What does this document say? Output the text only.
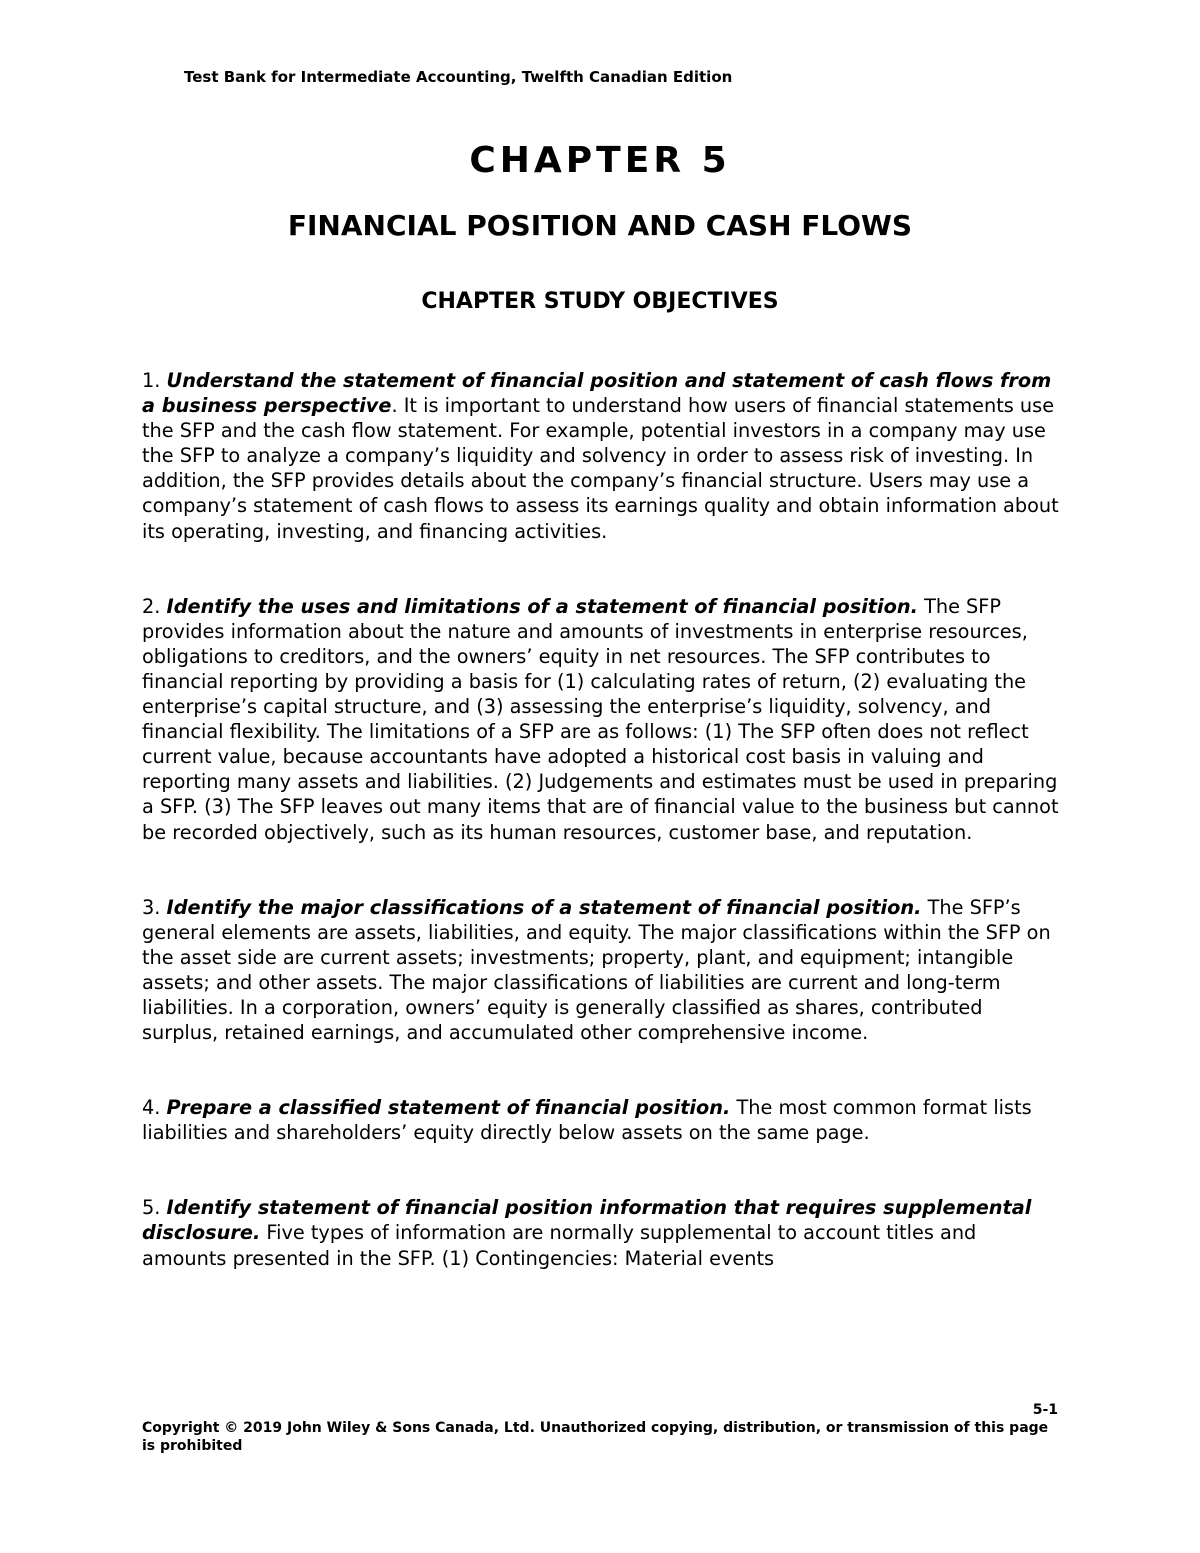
Test Bank for Intermediate Accounting, Twelfth Canadian Edition
CHAPTER 5
FINANCIAL POSITION AND CASH FLOWS
CHAPTER STUDY OBJECTIVES

1. Understand the statement of financial position and statement of cash flows from a business perspective. It is important to understand how users of financial statements use the SFP and the cash flow statement. For example, potential investors in a company may use the SFP to analyze a company’s liquidity and solvency in order to assess risk of investing. In addition, the SFP provides details about the company’s financial structure. Users may use a company’s statement of cash flows to assess its earnings quality and obtain information about its operating, investing, and financing activities.

2. Identify the uses and limitations of a statement of financial position. The SFP provides information about the nature and amounts of investments in enterprise resources, obligations to creditors, and the owners’ equity in net resources. The SFP contributes to financial reporting by providing a basis for (1) calculating rates of return, (2) evaluating the enterprise’s capital structure, and (3) assessing the enterprise’s liquidity, solvency, and financial flexibility. The limitations of a SFP are as follows: (1) The SFP often does not reflect current value, because accountants have adopted a historical cost basis in valuing and reporting many assets and liabilities. (2) Judgements and estimates must be used in preparing a SFP. (3) The SFP leaves out many items that are of financial value to the business but cannot be recorded objectively, such as its human resources, customer base, and reputation.

3. Identify the major classifications of a statement of financial position. The SFP’s general elements are assets, liabilities, and equity. The major classifications within the SFP on the asset side are current assets; investments; property, plant, and equipment; intangible assets; and other assets. The major classifications of liabilities are current and long-term liabilities. In a corporation, owners’ equity is generally classified as shares, contributed surplus, retained earnings, and accumulated other comprehensive income.

4. Prepare a classified statement of financial position. The most common format lists liabilities and shareholders’ equity directly below assets on the same page.

5. Identify statement of financial position information that requires supplemental disclosure. Five types of information are normally supplemental to account titles and amounts presented in the SFP. (1) Contingencies: Material events

5-1
Copyright © 2019 John Wiley & Sons Canada, Ltd. Unauthorized copying, distribution, or transmission of this page is prohibited
